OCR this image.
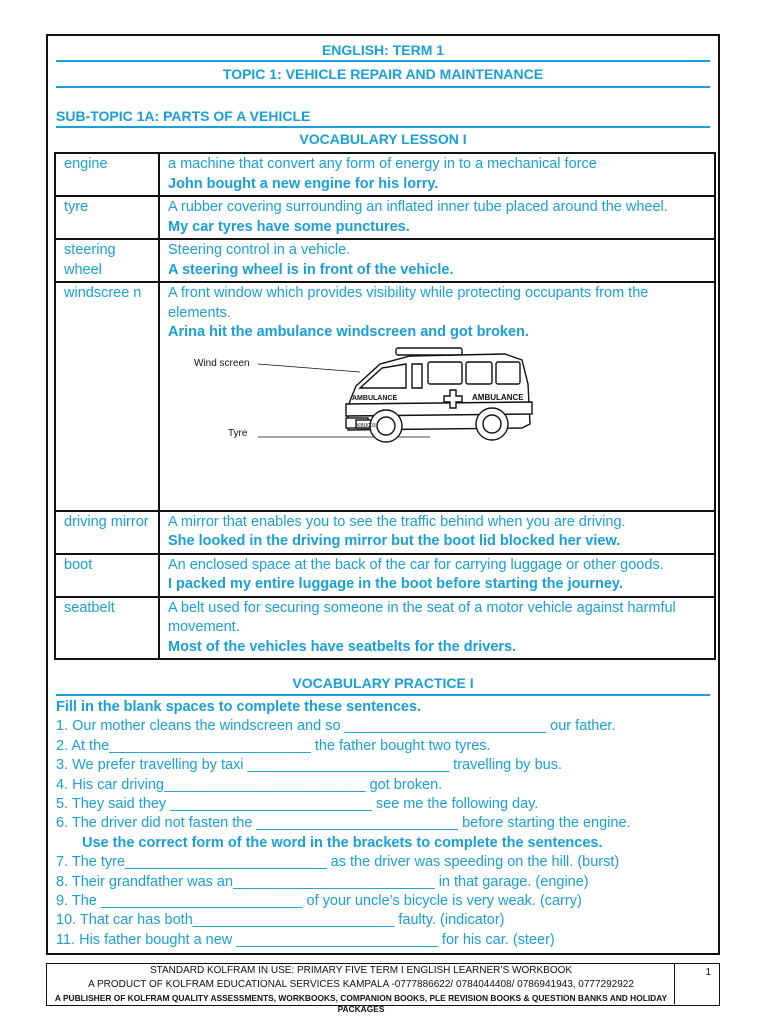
ENGLISH: TERM 1
TOPIC 1: VEHICLE REPAIR AND MAINTENANCE
SUB-TOPIC 1A: PARTS OF A VEHICLE
VOCABULARY LESSON I
engine	a machine that convert any form of energy in to a mechanical force
John bought a new engine for his lorry.

tyre	A rubber covering surrounding an inflated inner tube placed around the wheel.
My car tyres have some punctures.

steering wheel	Steering control in a vehicle.
A steering wheel is in front of the vehicle.

windscree n	A front window which provides visibility while protecting occupants from the elements.
Arina hit the ambulance windscreen and got broken.

Wind screen
Tyre
AMBULANCE AMBULANCE
KBU003

driving mirror	A mirror that enables you to see the traffic behind when you are driving.
She looked in the driving mirror but the boot lid blocked her view.

boot	An enclosed space at the back of the car for carrying luggage or other goods.
I packed my entire luggage in the boot before starting the journey.

seatbelt	A belt used for securing someone in the seat of a motor vehicle against harmful movement.
Most of the vehicles have seatbelts for the drivers.
VOCABULARY PRACTICE I
Fill in the blank spaces to complete these sentences.
1. Our mother cleans the windscreen and so _________________________ our father.
2. At the_________________________ the father bought two tyres.
3. We prefer travelling by taxi _________________________ travelling by bus.
4. His car driving_________________________ got broken.
5. They said they _________________________ see me the following day.
6. The driver did not fasten the _________________________ before starting the engine.
Use the correct form of the word in the brackets to complete the sentences.
7. The tyre_________________________ as the driver was speeding on the hill. (burst)
8. Their grandfather was an_________________________ in that garage. (engine)
9. The _________________________ of your uncle’s bicycle is very weak. (carry)
10. That car has both_________________________ faulty. (indicator)
11. His father bought a new _________________________ for his car. (steer)
STANDARD KOLFRAM IN USE: PRIMARY FIVE TERM I ENGLISH LEARNER’S WORKBOOK
A PRODUCT OF KOLFRAM EDUCATIONAL SERVICES KAMPALA -0777886622/ 0784044408/ 0786941943, 0777292922
A PUBLISHER OF KOLFRAM QUALITY ASSESSMENTS, WORKBOOKS, COMPANION BOOKS, PLE REVISION BOOKS & QUESTION BANKS AND HOLIDAY PACKAGES
1
